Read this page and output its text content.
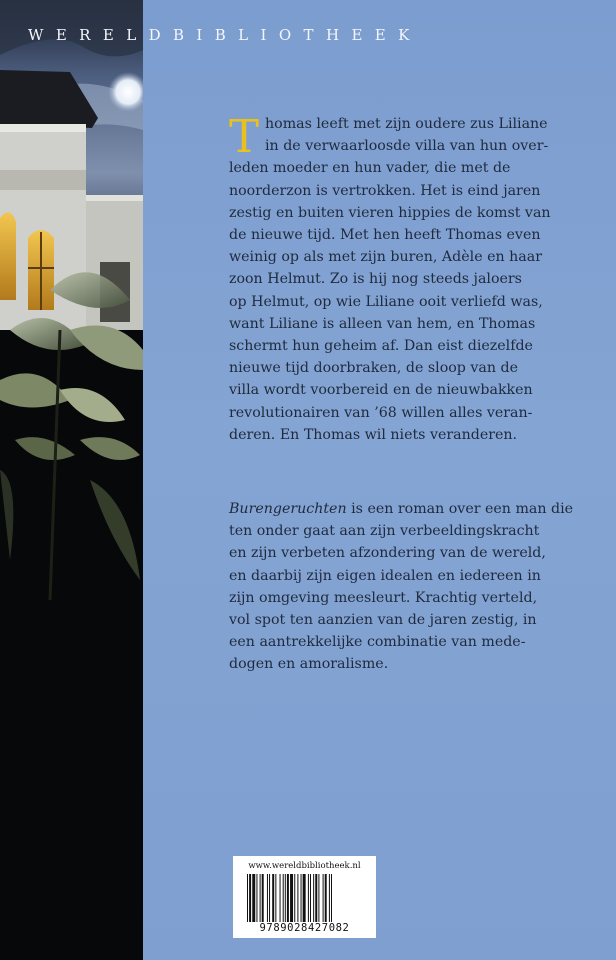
WERELDBIBLIOTHEEK
T homas leeft met zijn oudere zus Liliane
in de verwaarloosde villa van hun over-
leden moeder en hun vader, die met de
noorderzon is vertrokken. Het is eind jaren
zestig en buiten vieren hippies de komst van
de nieuwe tijd. Met hen heeft Thomas even
weinig op als met zijn buren, Adèle en haar
zoon Helmut. Zo is hij nog steeds jaloers
op Helmut, op wie Liliane ooit verliefd was,
want Liliane is alleen van hem, en Thomas
schermt hun geheim af. Dan eist diezelfde
nieuwe tijd doorbraken, de sloop van de
villa wordt voorbereid en de nieuwbakken
revolutionairen van ’68 willen alles veran-
deren. En Thomas wil niets veranderen.

Burengeruchten is een roman over een man die

ten onder gaat aan zijn verbeeldingskracht
en zijn verbeten afzondering van de wereld,
en daarbij zijn eigen idealen en iedereen in
zijn omgeving meesleurt. Krachtig verteld,
vol spot ten aanzien van de jaren zestig, in
een aantrekkelijke combinatie van mede-
dogen en amoralisme.

www.wereldbibliotheek.nl
9789028427082
